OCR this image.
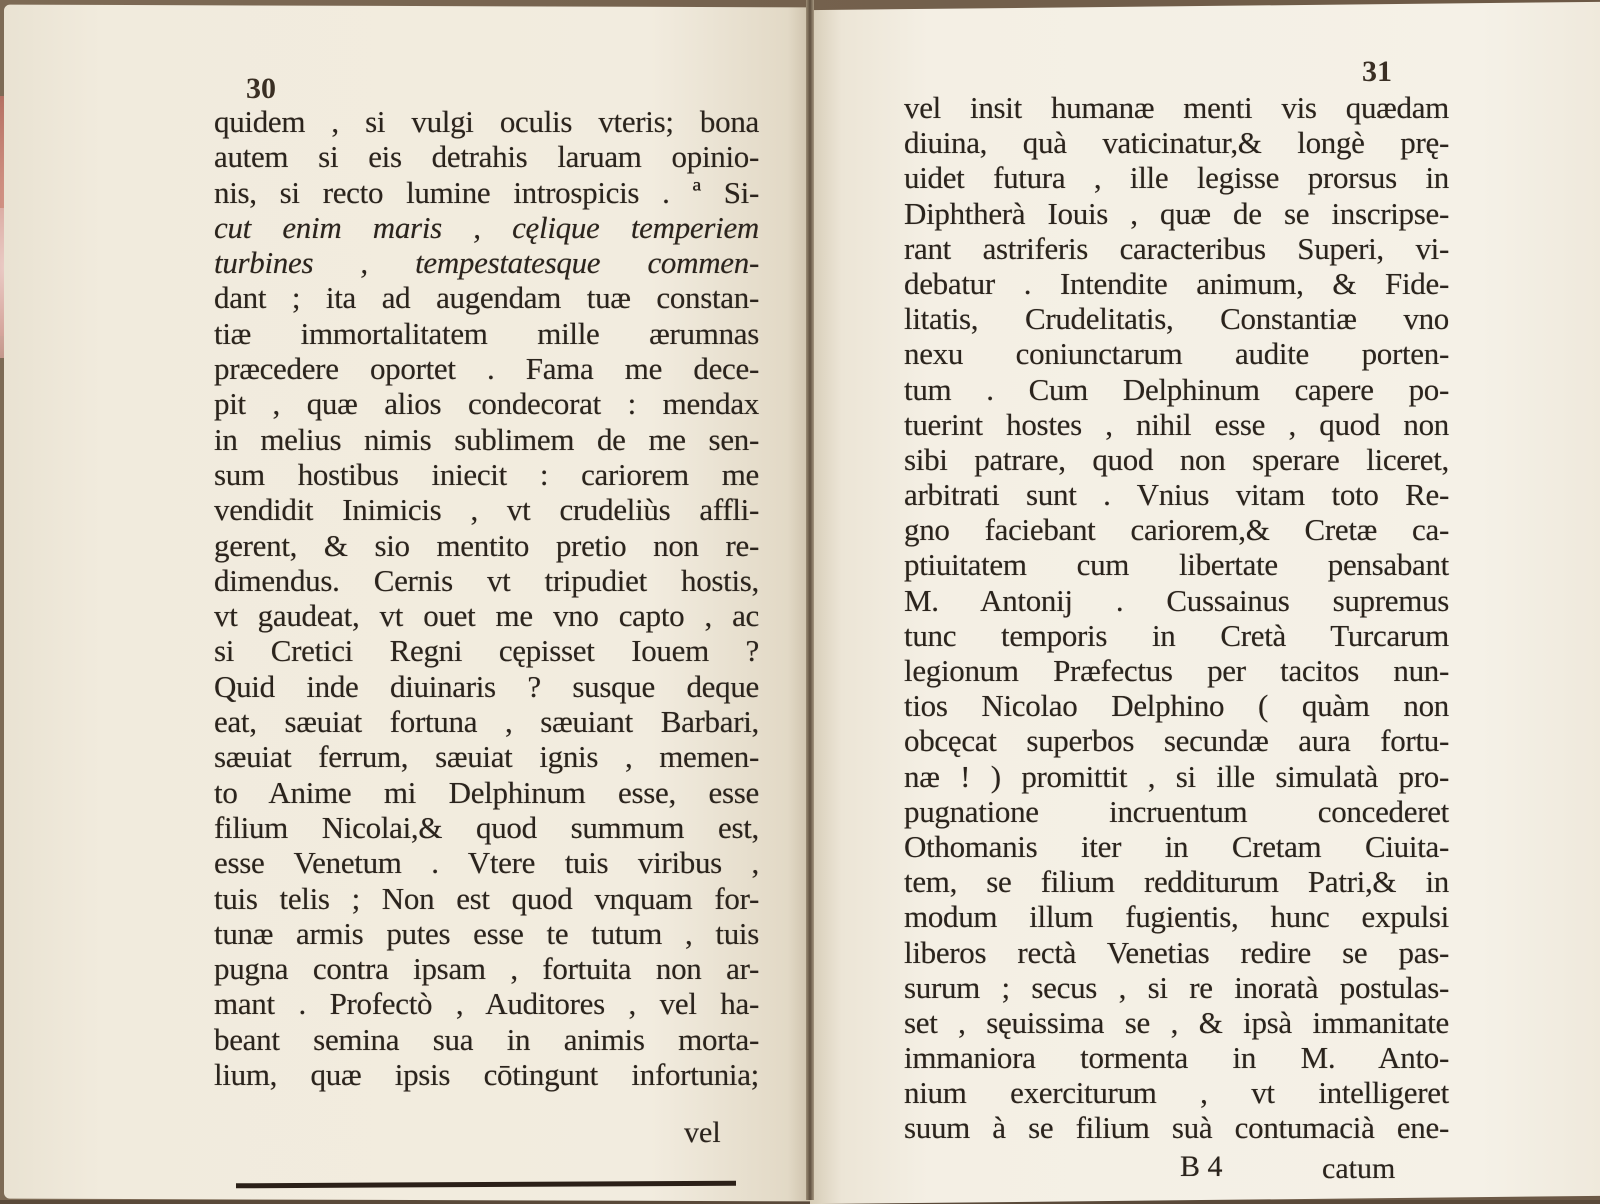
30
31
quidem , si vulgi oculis vteris; bona
autem si eis detrahis laruam opinio-
nis, si recto lumine introspicis . ª Si-
cut enim maris , cęlique temperiem
turbines , tempestatesque commen-
dant ; ita ad augendam tuæ constan-
tiæ immortalitatem mille ærumnas
præcedere oportet . Fama me dece-
pit , quæ alios condecorat : mendax
in melius nimis sublimem de me sen-
sum hostibus iniecit : cariorem me
vendidit Inimicis , vt crudeliùs affli-
gerent, & sio mentito pretio non re-
dimendus. Cernis vt tripudiet hostis,
vt gaudeat, vt ouet me vno capto , ac
si Cretici Regni cępisset Iouem ?
Quid inde diuinaris ? susque deque
eat, sæuiat fortuna , sæuiant Barbari,
sæuiat ferrum, sæuiat ignis , memen-
to Anime mi Delphinum esse, esse
filium Nicolai,& quod summum est,
esse Venetum . Vtere tuis viribus ,
tuis telis ; Non est quod vnquam for-
tunæ armis putes esse te tutum , tuis
pugna contra ipsam , fortuita non ar-
mant . Profectò , Auditores , vel ha-
beant semina sua in animis morta-
lium, quæ ipsis cōtingunt infortunia;
vel
vel insit humanæ menti vis quædam
diuina, quà vaticinatur,& longè prę-
uidet futura , ille legisse prorsus in
Diphtherà Iouis , quæ de se inscripse-
rant astriferis caracteribus Superi, vi-
debatur . Intendite animum, & Fide-
litatis, Crudelitatis, Constantiæ vno
nexu coniunctarum audite porten-
tum . Cum Delphinum capere po-
tuerint hostes , nihil esse , quod non
sibi patrare, quod non sperare liceret,
arbitrati sunt . Vnius vitam toto Re-
gno faciebant cariorem,& Cretæ ca-
ptiuitatem cum libertate pensabant
M. Antonij . Cussainus supremus
tunc temporis in Cretà Turcarum
legionum Præfectus per tacitos nun-
tios Nicolao Delphino ( quàm non
obcęcat superbos secundæ aura fortu-
næ ! ) promittit , si ille simulatà pro-
pugnatione incruentum concederet
Othomanis iter in Cretam Ciuita-
tem, se filium redditurum Patri,& in
modum illum fugientis, hunc expulsi
liberos rectà Venetias redire se pas-
surum ; secus , si re inoratà postulas-
set , sęuissima se , & ipsà immanitate
immaniora tormenta in M. Anto-
nium exerciturum , vt intelligeret
suum à se filium suà contumacià ene-
B 4	catum
